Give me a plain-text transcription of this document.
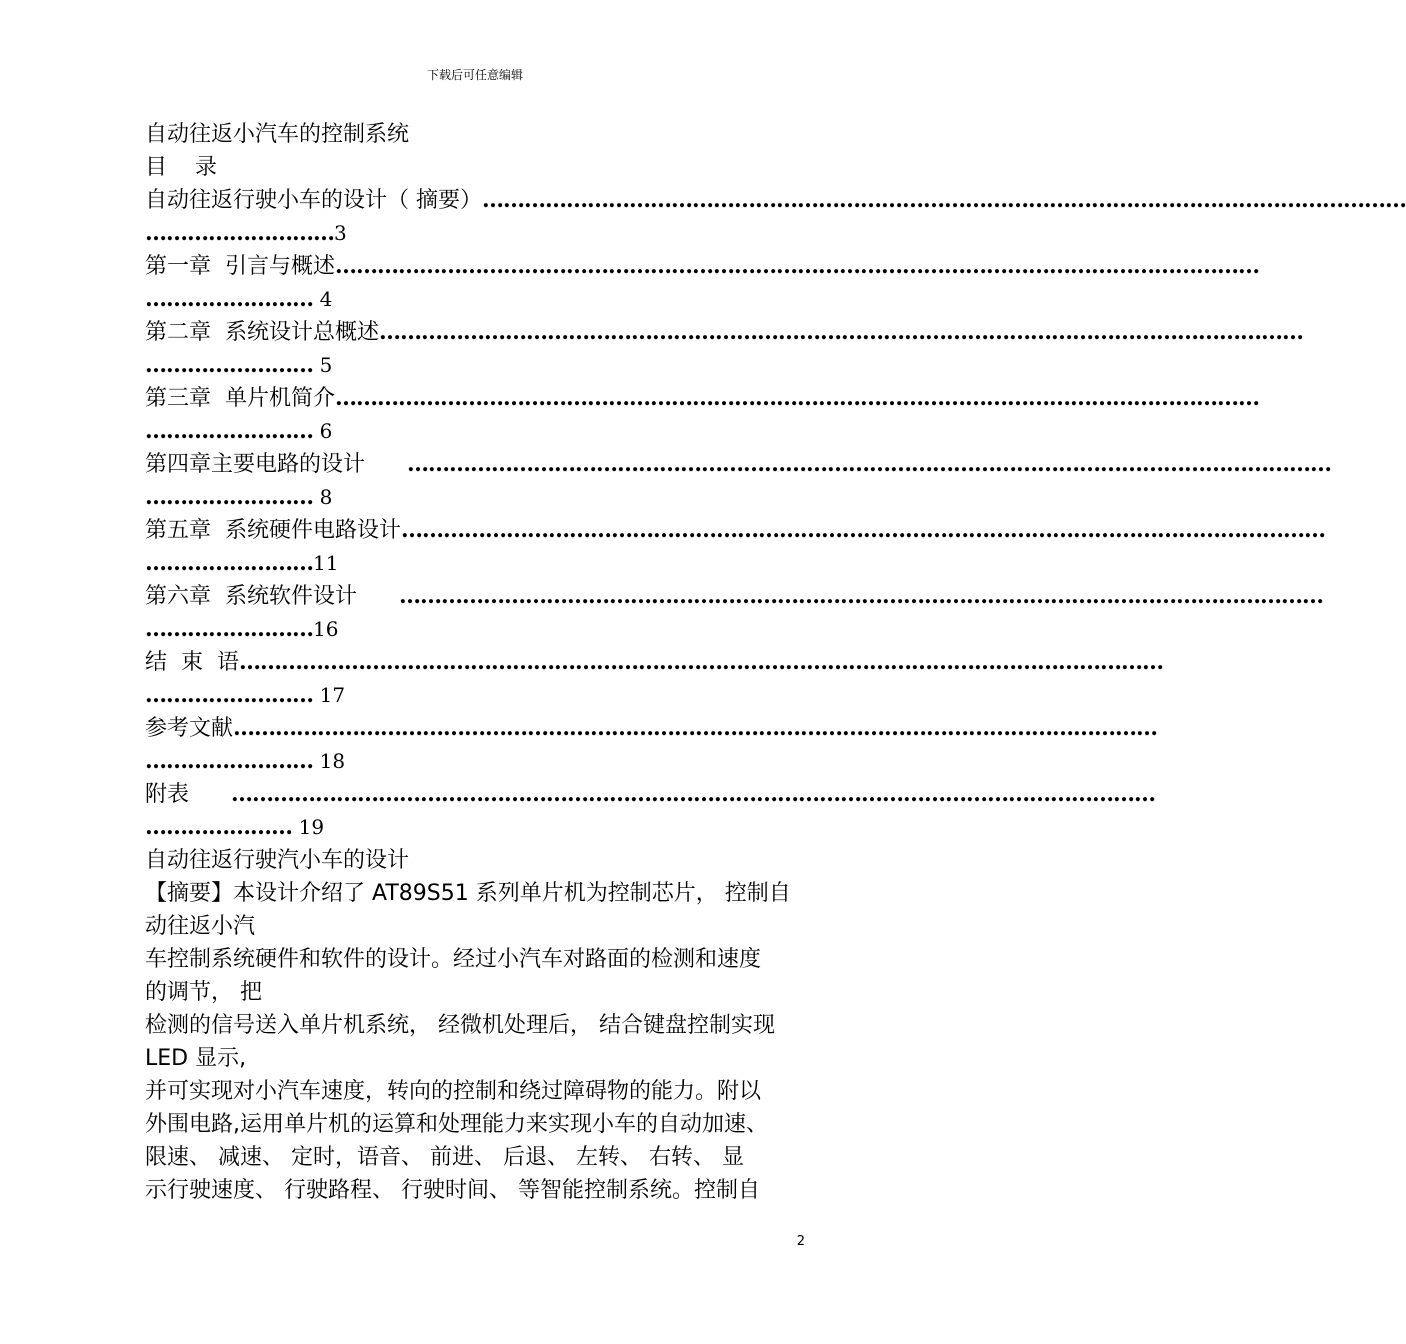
下载后可任意编辑
自动往返小汽车的控制系统
目    录
自动往返行驶小车的设计（ 摘要） ……………………………………………………………………………………………………………………
……………………… 3
第一章  引言与概述 ……………………………………………………………………………………………………………………
…………………… 4
第二章  系统设计总概述 ……………………………………………………………………………………………………………………
…………………… 5
第三章  单片机简介 ……………………………………………………………………………………………………………………
…………………… 6
第四章主要电路的设计 ……………………………………………………………………………………………………………………
…………………… 8
第五章  系统硬件电路设计 ……………………………………………………………………………………………………………………
…………………… 11
第六章  系统软件设计 ……………………………………………………………………………………………………………………
…………………… 16
结  束  语 ……………………………………………………………………………………………………………………
…………………… 17
参考文献 ……………………………………………………………………………………………………………………
…………………… 18
附表 ……………………………………………………………………………………………………………………
………………… 19
自动往返行驶汽小车的设计
【摘要】本设计介绍了 AT89S51 系列单片机为控制芯片， 控制自
动往返小汽
车控制系统硬件和软件的设计。经过小汽车对路面的检测和速度
的调节， 把
检测的信号送入单片机系统， 经微机处理后， 结合键盘控制实现
LED 显示,
并可实现对小汽车速度，转向的控制和绕过障碍物的能力。附以
外围电路,运用单片机的运算和处理能力来实现小车的自动加速、
限速、 减速、 定时，语音、 前进、 后退、 左转、 右转、 显
示行驶速度、 行驶路程、 行驶时间、 等智能控制系统。控制自
2
